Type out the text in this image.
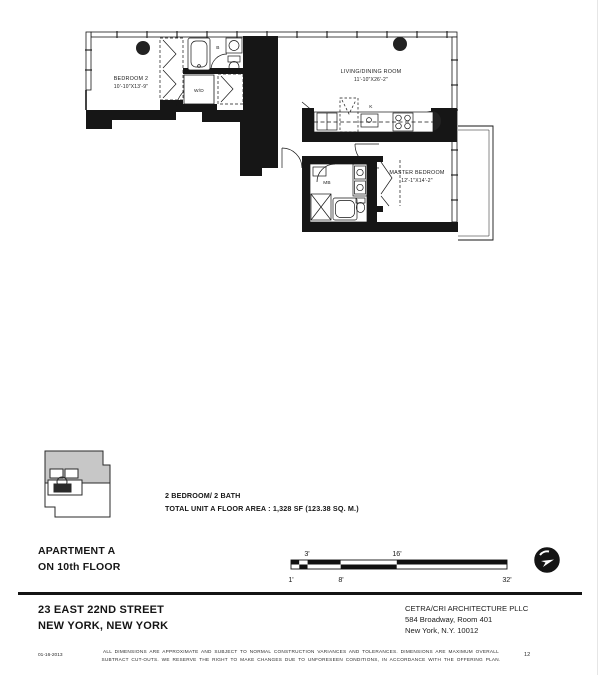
BEDROOM 2
10'-10"X13'-9"
LIVING/DINING ROOM
11'-10"X26'-2"
MASTER BEDROOM
12'-1"X14'-2"
B
K
MB
W/D
2 BEDROOM/ 2 BATH
TOTAL UNIT A FLOOR AREA : 1,328 SF (123.38 SQ. M.)
APARTMENT A
ON 10th FLOOR
3'	16'
1'	8'	32'
23 EAST 22ND STREET
NEW YORK, NEW YORK
CETRA/CRI ARCHITECTURE PLLC
584 Broadway, Room 401
New York, N.Y. 10012
01-16-2013
ALL DIMENSIONS ARE APPROXIMATE AND SUBJECT TO NORMAL CONSTRUCTION VARIANCES AND TOLERANCES. DIMENSIONS ARE MAXIMUM OVERALL
SUBTRACT CUT-OUTS. WE RESERVE THE RIGHT TO MAKE CHANGES DUE TO UNFORESEEN CONDITIONS, IN ACCORDANCE WITH THE OFFERING PLAN.
12
